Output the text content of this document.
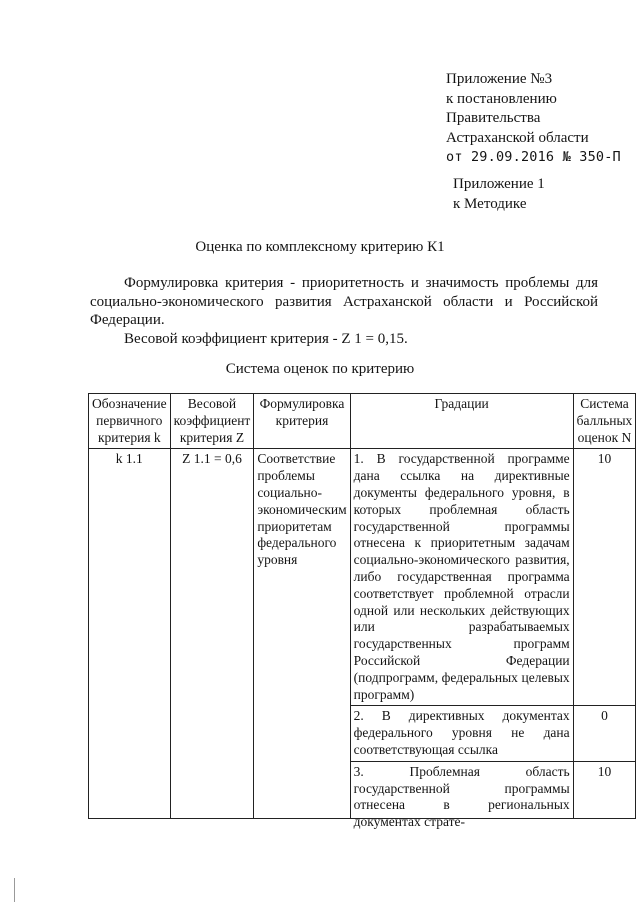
Приложение №3
к постановлению
Правительства
Астраханской области
от 29.09.2016 № 350-П
Приложение 1
к Методике
Оценка по комплексному критерию К1

Формулировка критерия - приоритетность и значимость проблемы для социально-экономического развития Астраханской области и Российской Федерации.

Весовой коэффициент критерия - Z 1 = 0,15.

Система оценок по критерию
Обозначение первичного критерия k	Весовой коэффициент критерия Z	Формулировка критерия	Градации	Система балльных оценок N
k 1.1	Z 1.1 = 0,6	Соответствие проблемы социально-экономическим приоритетам федерального уровня	1. В государственной программе дана ссылка на директивные документы федерального уровня, в которых проблемная область государственной программы отнесена к приоритетным задачам социально-экономического развития, либо государственная программа соответствует проблемной отрасли одной или нескольких действующих или разрабатываемых государственных программ Российской Федерации (подпрограмм, федеральных целевых программ)	10
			2. В директивных документах федерального уровня не дана соответствующая ссылка	0

			3. Проблемная область государственной программы отнесена в региональных документах страте-	10
